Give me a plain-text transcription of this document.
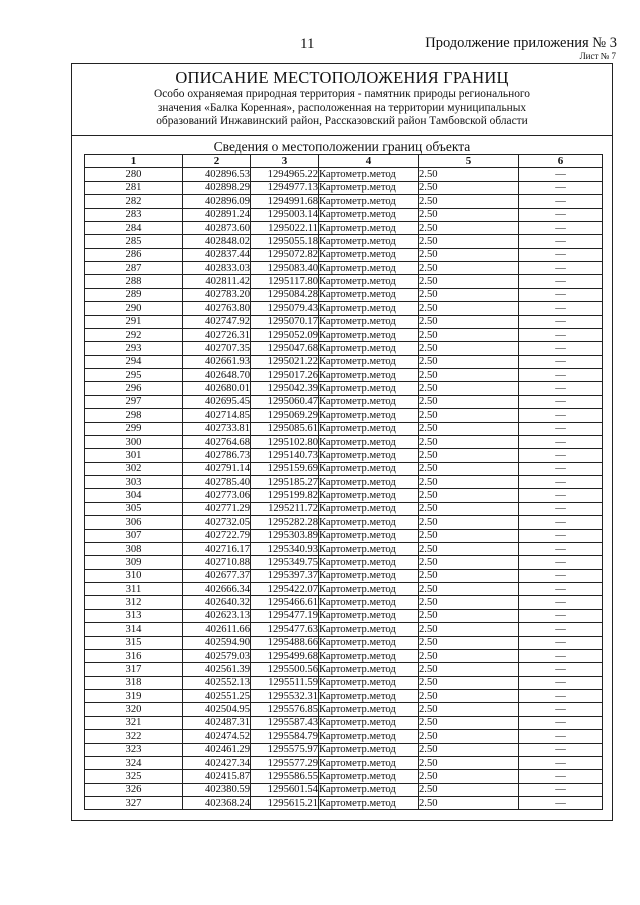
11	Продолжение приложения № 3
Лист № 7
ОПИСАНИЕ МЕСТОПОЛОЖЕНИЯ ГРАНИЦ
Особо охраняемая природная территория - памятник природы регионального значения «Балка Коренная», расположенная на территории муниципальных образований Инжавинский район, Рассказовский район Тамбовской области
Сведения о местоположении границ объекта
1	2	3	4	5	6
280	402896.53	1294965.22	Картометр.метод	2.50	—
281	402898.29	1294977.13	Картометр.метод	2.50	—
282	402896.09	1294991.68	Картометр.метод	2.50	—
283	402891.24	1295003.14	Картометр.метод	2.50	—
284	402873.60	1295022.11	Картометр.метод	2.50	—
285	402848.02	1295055.18	Картометр.метод	2.50	—
286	402837.44	1295072.82	Картометр.метод	2.50	—
287	402833.03	1295083.40	Картометр.метод	2.50	—
288	402811.42	1295117.80	Картометр.метод	2.50	—
289	402783.20	1295084.28	Картометр.метод	2.50	—
290	402763.80	1295079.43	Картометр.метод	2.50	—
291	402747.92	1295070.17	Картометр.метод	2.50	—
292	402726.31	1295052.09	Картометр.метод	2.50	—
293	402707.35	1295047.68	Картометр.метод	2.50	—
294	402661.93	1295021.22	Картометр.метод	2.50	—
295	402648.70	1295017.26	Картометр.метод	2.50	—
296	402680.01	1295042.39	Картометр.метод	2.50	—
297	402695.45	1295060.47	Картометр.метод	2.50	—
298	402714.85	1295069.29	Картометр.метод	2.50	—
299	402733.81	1295085.61	Картометр.метод	2.50	—
300	402764.68	1295102.80	Картометр.метод	2.50	—
301	402786.73	1295140.73	Картометр.метод	2.50	—
302	402791.14	1295159.69	Картометр.метод	2.50	—
303	402785.40	1295185.27	Картометр.метод	2.50	—
304	402773.06	1295199.82	Картометр.метод	2.50	—
305	402771.29	1295211.72	Картометр.метод	2.50	—
306	402732.05	1295282.28	Картометр.метод	2.50	—
307	402722.79	1295303.89	Картометр.метод	2.50	—
308	402716.17	1295340.93	Картометр.метод	2.50	—
309	402710.88	1295349.75	Картометр.метод	2.50	—
310	402677.37	1295397.37	Картометр.метод	2.50	—
311	402666.34	1295422.07	Картометр.метод	2.50	—
312	402640.32	1295466.61	Картометр.метод	2.50	—
313	402623.13	1295477.19	Картометр.метод	2.50	—
314	402611.66	1295477.63	Картометр.метод	2.50	—
315	402594.90	1295488.66	Картометр.метод	2.50	—
316	402579.03	1295499.68	Картометр.метод	2.50	—
317	402561.39	1295500.56	Картометр.метод	2.50	—
318	402552.13	1295511.59	Картометр.метод	2.50	—
319	402551.25	1295532.31	Картометр.метод	2.50	—
320	402504.95	1295576.85	Картометр.метод	2.50	—
321	402487.31	1295587.43	Картометр.метод	2.50	—
322	402474.52	1295584.79	Картометр.метод	2.50	—
323	402461.29	1295575.97	Картометр.метод	2.50	—
324	402427.34	1295577.29	Картометр.метод	2.50	—
325	402415.87	1295586.55	Картометр.метод	2.50	—
326	402380.59	1295601.54	Картометр.метод	2.50	—
327	402368.24	1295615.21	Картометр.метод	2.50	—
